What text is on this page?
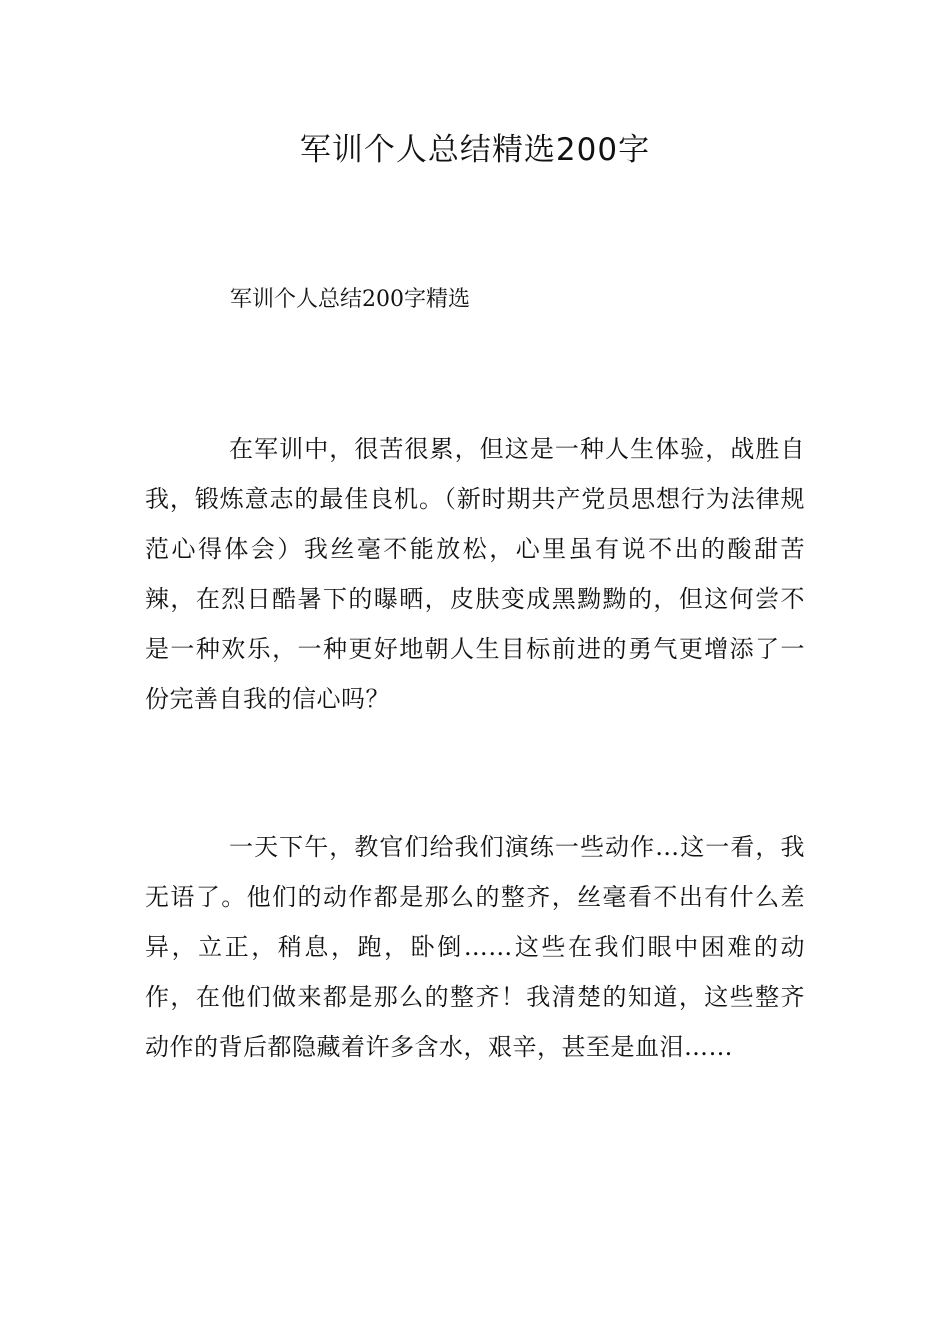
军训个人总结精选200字

军训个人总结200字精选

在军训中，很苦很累，但这是一种人生体验，战胜自我，锻炼意志的最佳良机。（新时期共产党员思想行为法律规范心得体会）我丝毫不能放松，心里虽有说不出的酸甜苦辣，在烈日酷暑下的曝晒，皮肤变成黑黝黝的，但这何尝不是一种欢乐，一种更好地朝人生目标前进的勇气更增添了一份完善自我的信心吗？

一天下午，教官们给我们演练一些动作…这一看，我无语了。他们的动作都是那么的整齐，丝毫看不出有什么差异，立正，稍息，跑，卧倒……这些在我们眼中困难的动作，在他们做来都是那么的整齐！我清楚的知道，这些整齐动作的背后都隐藏着许多含水，艰辛，甚至是血泪……
